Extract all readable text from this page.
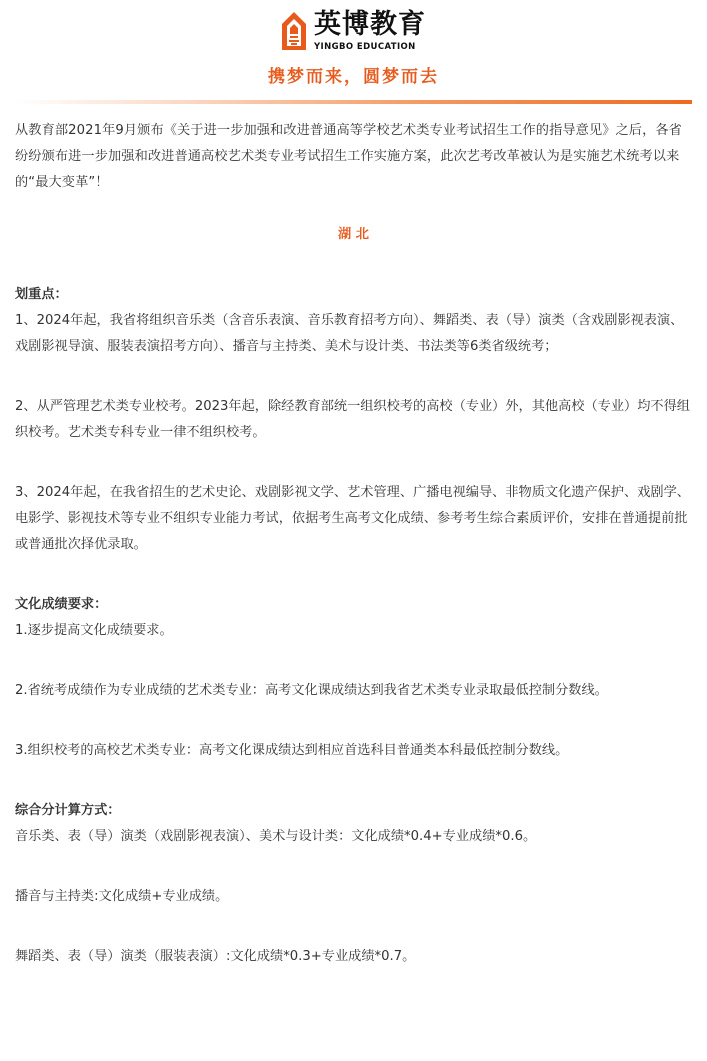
英博教育
YINGBO EDUCATION
携梦而来，圆梦而去

从教育部2021年9月颁布《关于进一步加强和改进普通高等学校艺术类专业考试招生工作的指导意见》之后，各省纷纷颁布进一步加强和改进普通高校艺术类专业考试招生工作实施方案，此次艺考改革被认为是实施艺术统考以来的“最大变革”！

湖 北

划重点：

1、2024年起，我省将组织音乐类（含音乐表演、音乐教育招考方向）、舞蹈类、表（导）演类（含戏剧影视表演、戏剧影视导演、服装表演招考方向）、播音与主持类、美术与设计类、书法类等6类省级统考；

2、从严管理艺术类专业校考。2023年起，除经教育部统一组织校考的高校（专业）外，其他高校（专业）均不得组织校考。艺术类专科专业一律不组织校考。

3、2024年起，在我省招生的艺术史论、戏剧影视文学、艺术管理、广播电视编导、非物质文化遗产保护、戏剧学、电影学、影视技术等专业不组织专业能力考试，依据考生高考文化成绩、参考考生综合素质评价，安排在普通提前批或普通批次择优录取。

文化成绩要求：

1.逐步提高文化成绩要求。

2.省统考成绩作为专业成绩的艺术类专业：高考文化课成绩达到我省艺术类专业录取最低控制分数线。

3.组织校考的高校艺术类专业：高考文化课成绩达到相应首选科目普通类本科最低控制分数线。

综合分计算方式：

音乐类、表（导）演类（戏剧影视表演）、美术与设计类：文化成绩*0.4+专业成绩*0.6。

播音与主持类:文化成绩+专业成绩。

舞蹈类、表（导）演类（服装表演）:文化成绩*0.3+专业成绩*0.7。
